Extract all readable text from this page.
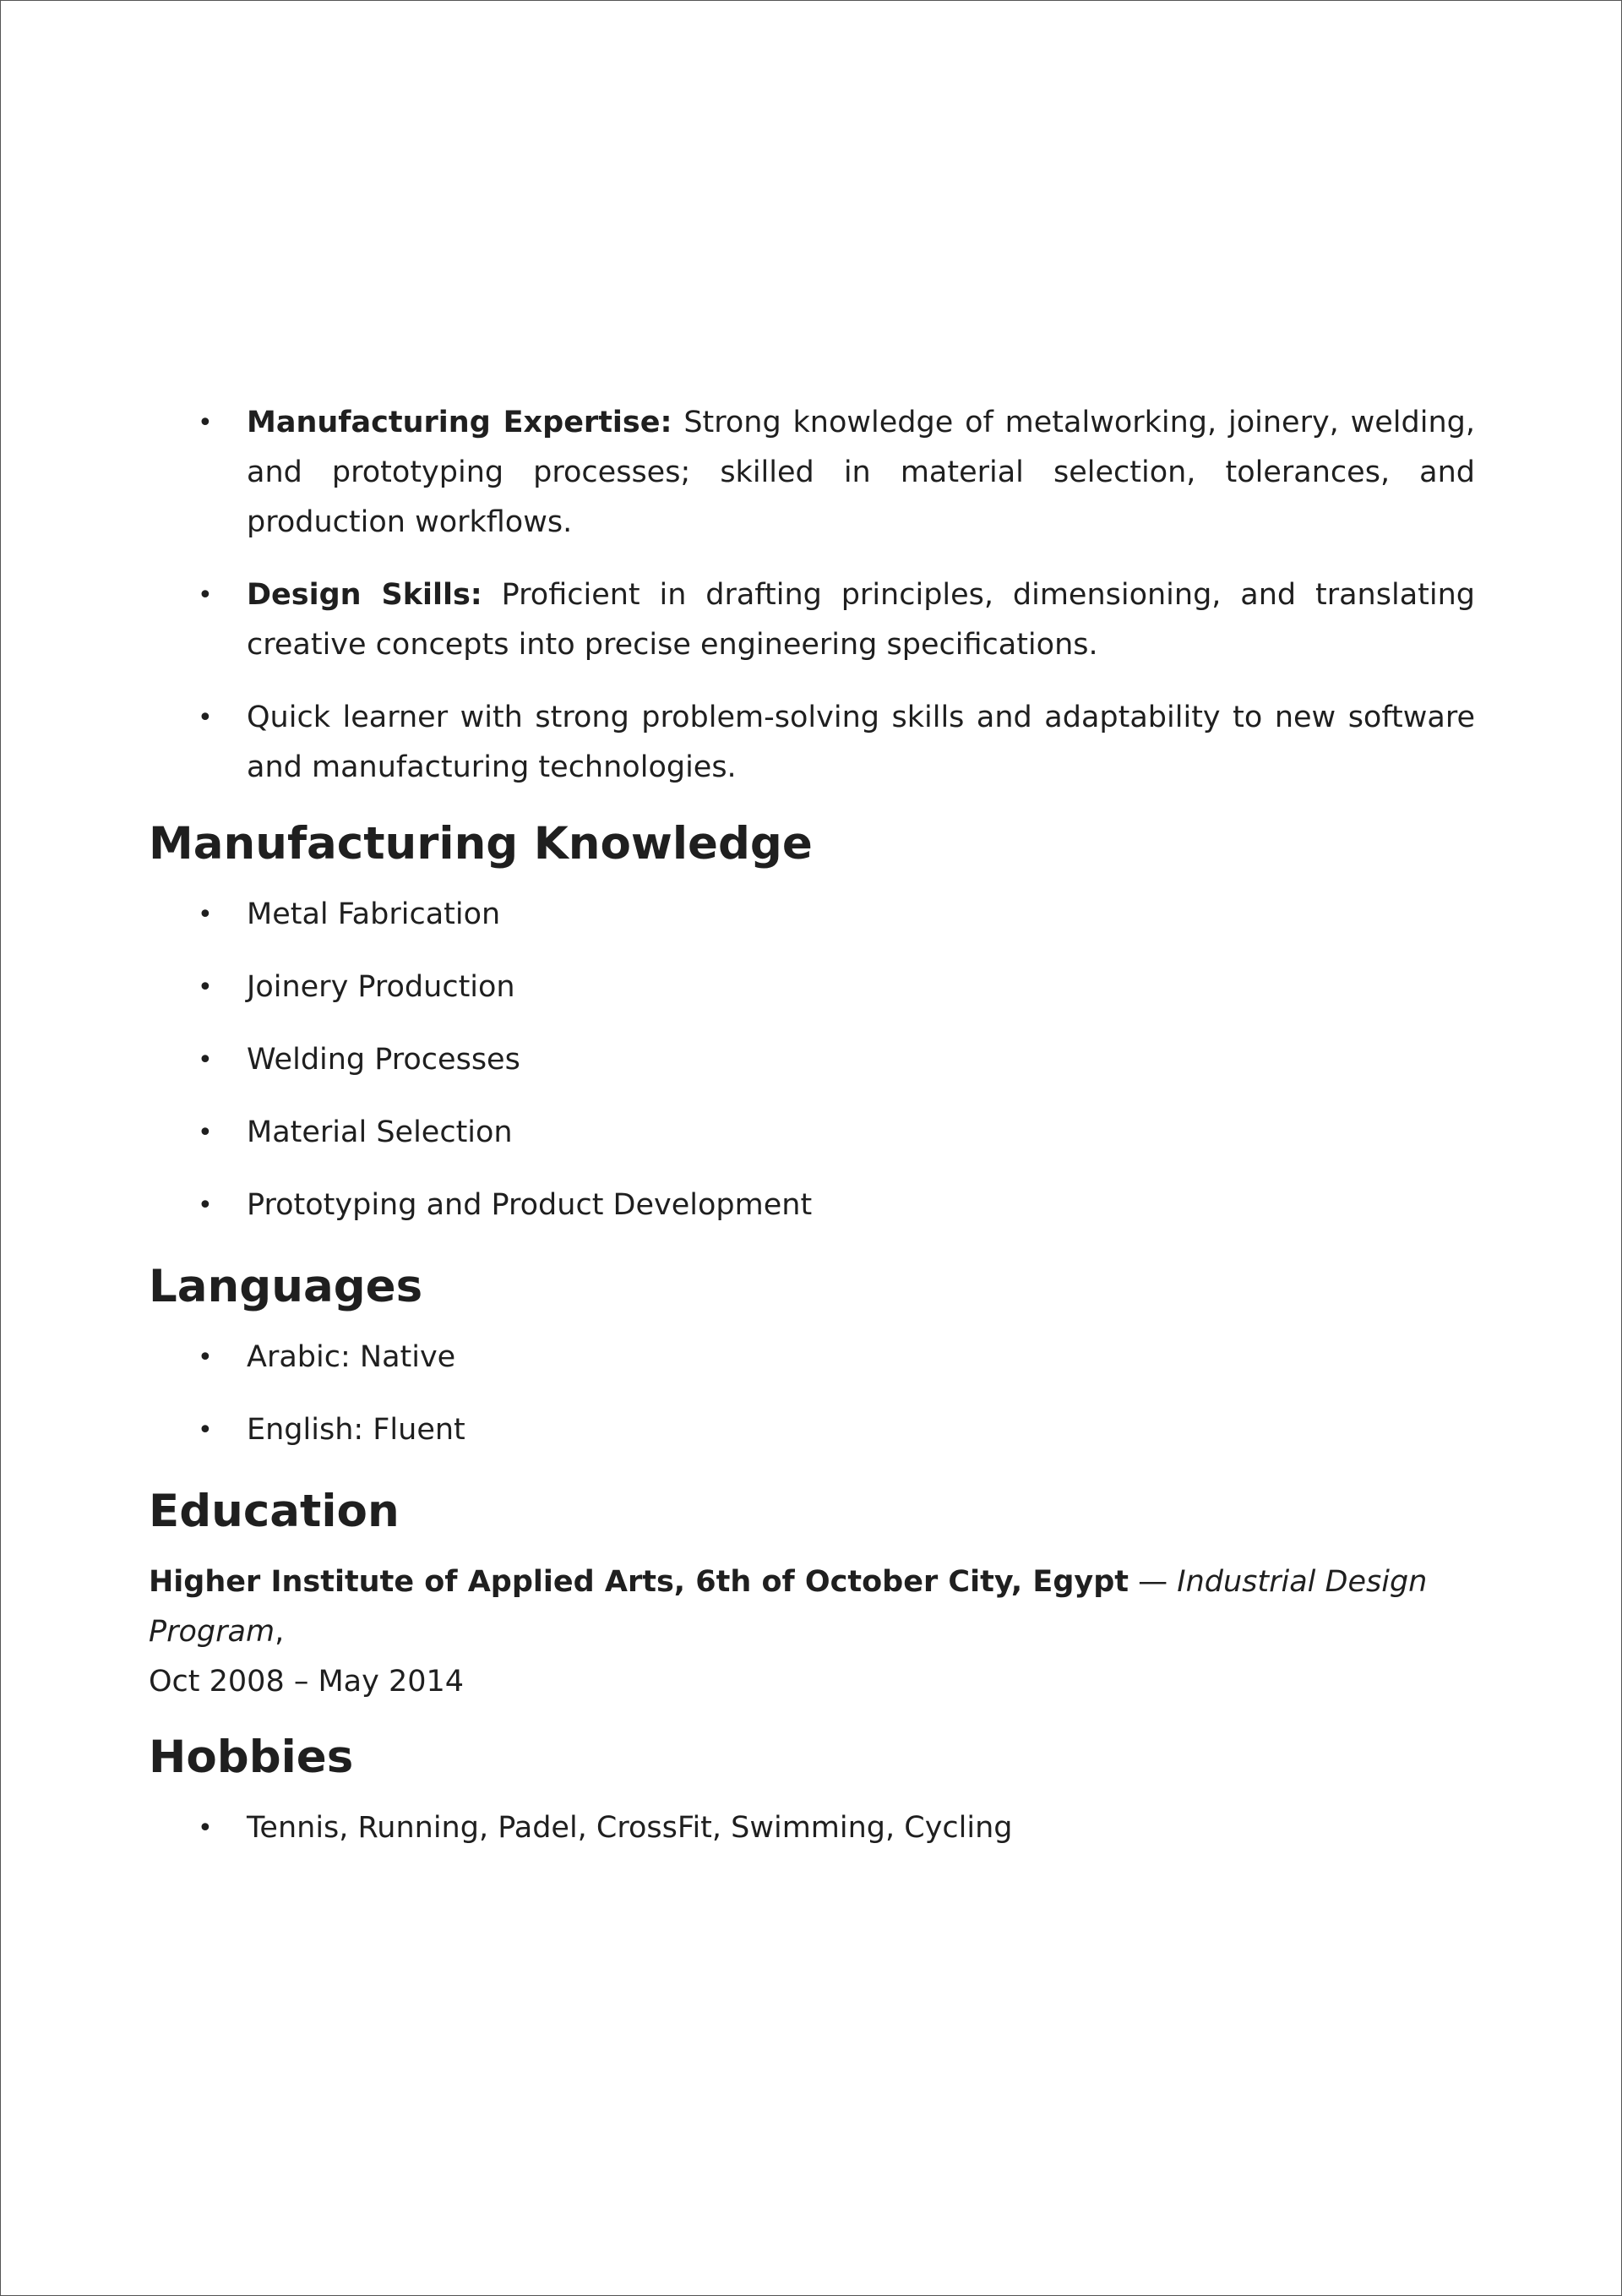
• Manufacturing Expertise: Strong knowledge of metalworking, joinery, welding, and prototyping processes; skilled in material selection, tolerances, and production workflows.
• Design Skills: Proficient in drafting principles, dimensioning, and translating creative concepts into precise engineering specifications.
• Quick learner with strong problem-solving skills and adaptability to new software and manufacturing technologies.
Manufacturing Knowledge
• Metal Fabrication
• Joinery Production
• Welding Processes
• Material Selection
• Prototyping and Product Development
Languages
• Arabic: Native
• English: Fluent
Education

Higher Institute of Applied Arts, 6th of October City, Egypt — Industrial Design Program,
Oct 2008 – May 2014

Hobbies
• Tennis, Running, Padel, CrossFit, Swimming, Cycling
